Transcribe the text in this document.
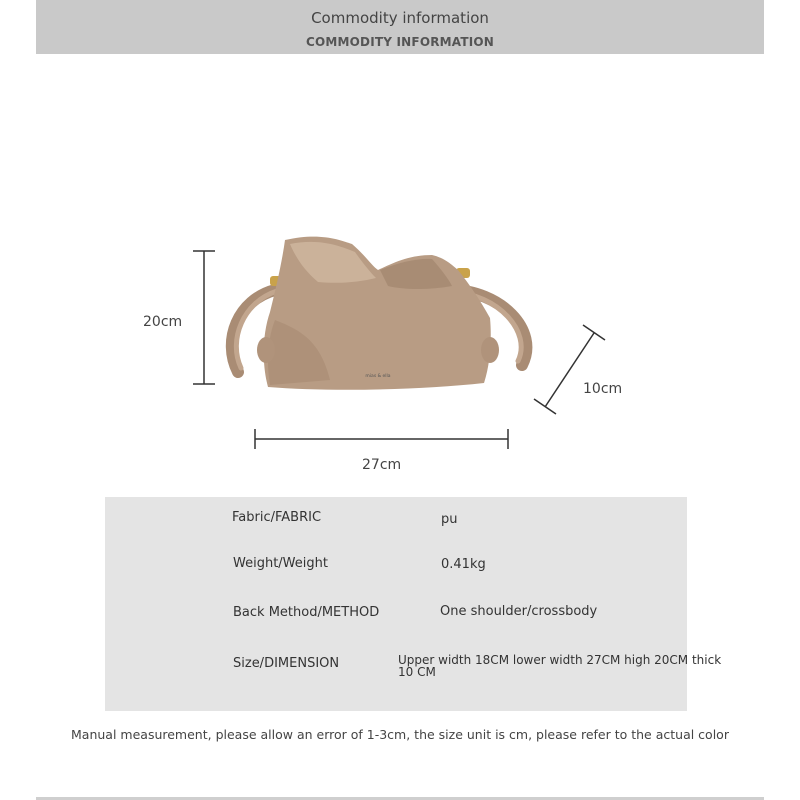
Commodity information
COMMODITY INFORMATION
mias & ella
20cm
27cm
10cm
Fabric/FABRIC	pu
Weight/Weight	0.41kg
Back Method/METHOD	One shoulder/crossbody
Size/DIMENSION	Upper width 18CM lower width 27CM high 20CM thick 10 CM
Manual measurement, please allow an error of 1-3cm, the size unit is cm, please refer to the actual color
